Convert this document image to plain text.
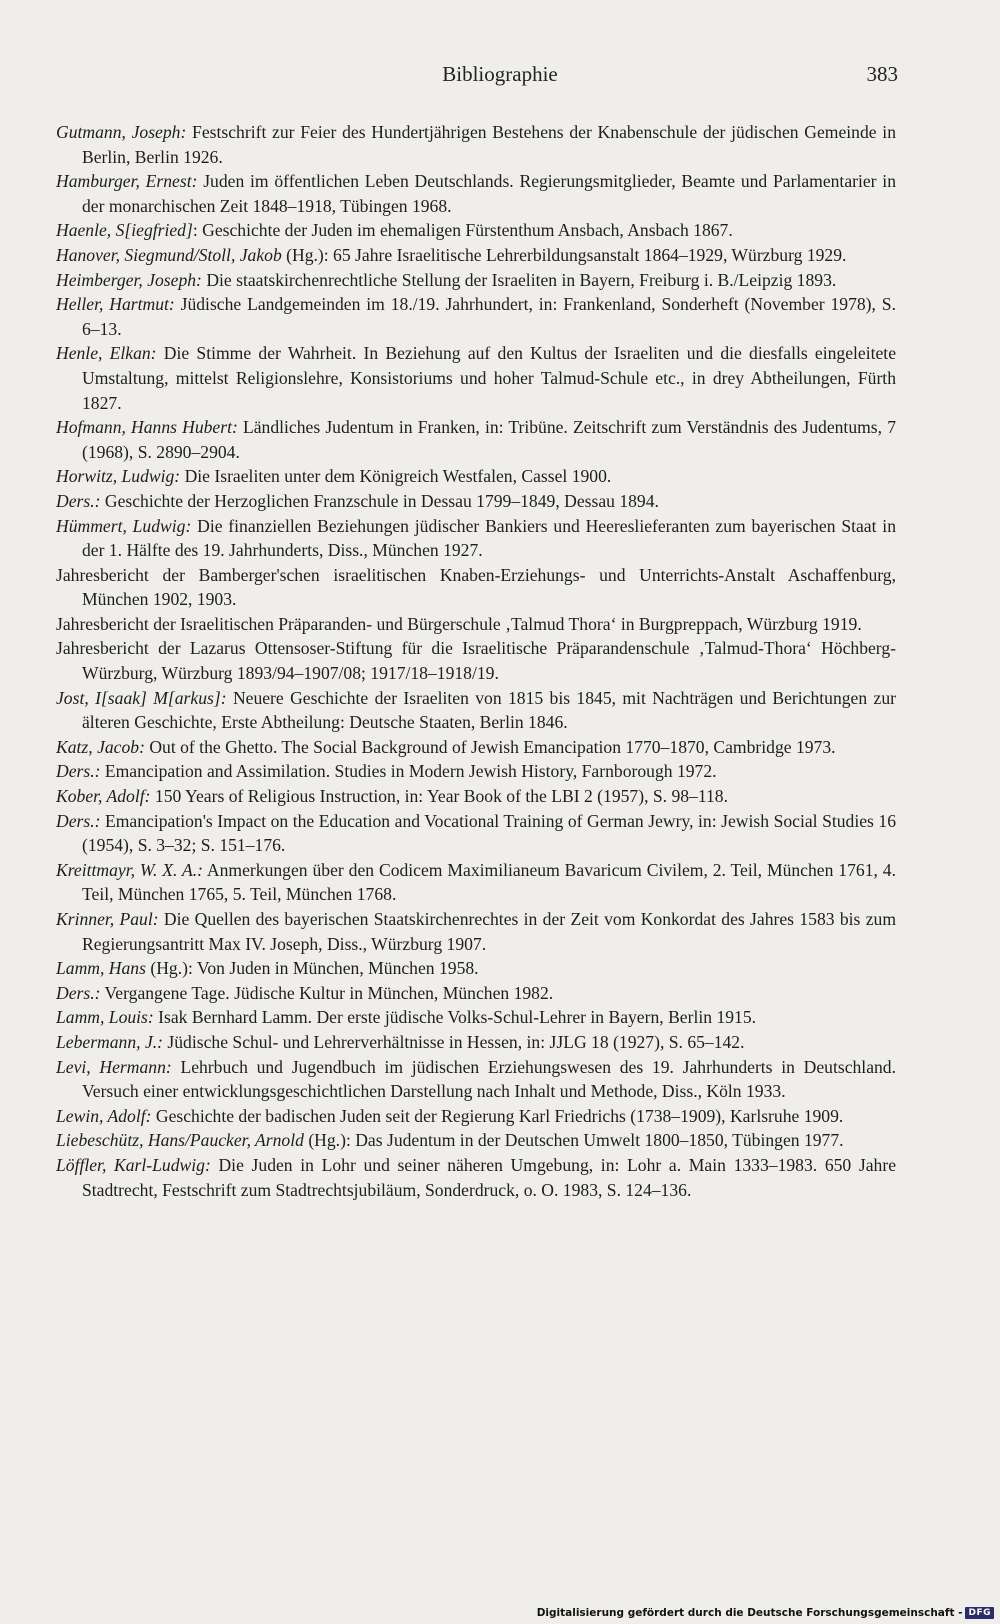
Bibliographie	383

Gutmann, Joseph: Festschrift zur Feier des Hundertjährigen Bestehens der Knabenschule der jüdischen Gemeinde in Berlin, Berlin 1926.

Hamburger, Ernest: Juden im öffentlichen Leben Deutschlands. Regierungsmitglieder, Beamte und Parlamentarier in der monarchischen Zeit 1848–1918, Tübingen 1968.

Haenle, S[iegfried]: Geschichte der Juden im ehemaligen Fürstenthum Ansbach, Ansbach 1867.

Hanover, Siegmund/Stoll, Jakob (Hg.): 65 Jahre Israelitische Lehrerbildungsanstalt 1864–1929, Würzburg 1929.

Heimberger, Joseph: Die staatskirchenrechtliche Stellung der Israeliten in Bayern, Freiburg i. B./Leipzig 1893.

Heller, Hartmut: Jüdische Landgemeinden im 18./19. Jahrhundert, in: Frankenland, Sonderheft (November 1978), S. 6–13.

Henle, Elkan: Die Stimme der Wahrheit. In Beziehung auf den Kultus der Israeliten und die diesfalls eingeleitete Umstaltung, mittelst Religionslehre, Konsistoriums und hoher Talmud-Schule etc., in drey Abtheilungen, Fürth 1827.

Hofmann, Hanns Hubert: Ländliches Judentum in Franken, in: Tribüne. Zeitschrift zum Verständnis des Judentums, 7 (1968), S. 2890–2904.

Horwitz, Ludwig: Die Israeliten unter dem Königreich Westfalen, Cassel 1900.

Ders.: Geschichte der Herzoglichen Franzschule in Dessau 1799–1849, Dessau 1894.

Hümmert, Ludwig: Die finanziellen Beziehungen jüdischer Bankiers und Heereslieferanten zum bayerischen Staat in der 1. Hälfte des 19. Jahrhunderts, Diss., München 1927.

Jahresbericht der Bamberger'schen israelitischen Knaben-Erziehungs- und Unterrichts-Anstalt Aschaffenburg, München 1902, 1903.

Jahresbericht der Israelitischen Präparanden- und Bürgerschule ‚Talmud Thora‘ in Burgpreppach, Würzburg 1919.

Jahresbericht der Lazarus Ottensoser-Stiftung für die Israelitische Präparandenschule ‚Talmud-Thora‘ Höchberg-Würzburg, Würzburg 1893/94–1907/08; 1917/18–1918/19.

Jost, I[saak] M[arkus]: Neuere Geschichte der Israeliten von 1815 bis 1845, mit Nachträgen und Berichtungen zur älteren Geschichte, Erste Abtheilung: Deutsche Staaten, Berlin 1846.

Katz, Jacob: Out of the Ghetto. The Social Background of Jewish Emancipation 1770–1870, Cambridge 1973.

Ders.: Emancipation and Assimilation. Studies in Modern Jewish History, Farnborough 1972.

Kober, Adolf: 150 Years of Religious Instruction, in: Year Book of the LBI 2 (1957), S. 98–118.

Ders.: Emancipation's Impact on the Education and Vocational Training of German Jewry, in: Jewish Social Studies 16 (1954), S. 3–32; S. 151–176.

Kreittmayr, W. X. A.: Anmerkungen über den Codicem Maximilianeum Bavaricum Civilem, 2. Teil, München 1761, 4. Teil, München 1765, 5. Teil, München 1768.

Krinner, Paul: Die Quellen des bayerischen Staatskirchenrechtes in der Zeit vom Konkordat des Jahres 1583 bis zum Regierungsantritt Max IV. Joseph, Diss., Würzburg 1907.

Lamm, Hans (Hg.): Von Juden in München, München 1958.

Ders.: Vergangene Tage. Jüdische Kultur in München, München 1982.

Lamm, Louis: Isak Bernhard Lamm. Der erste jüdische Volks-Schul-Lehrer in Bayern, Berlin 1915.

Lebermann, J.: Jüdische Schul- und Lehrerverhältnisse in Hessen, in: JJLG 18 (1927), S. 65–142.

Levi, Hermann: Lehrbuch und Jugendbuch im jüdischen Erziehungswesen des 19. Jahrhunderts in Deutschland. Versuch einer entwicklungsgeschichtlichen Darstellung nach Inhalt und Methode, Diss., Köln 1933.

Lewin, Adolf: Geschichte der badischen Juden seit der Regierung Karl Friedrichs (1738–1909), Karlsruhe 1909.

Liebeschütz, Hans/Paucker, Arnold (Hg.): Das Judentum in der Deutschen Umwelt 1800–1850, Tübingen 1977.

Löffler, Karl-Ludwig: Die Juden in Lohr und seiner näheren Umgebung, in: Lohr a. Main 1333–1983. 650 Jahre Stadtrecht, Festschrift zum Stadtrechtsjubiläum, Sonderdruck, o. O. 1983, S. 124–136.

Digitalisierung gefördert durch die Deutsche Forschungsgemeinschaft - DFG
